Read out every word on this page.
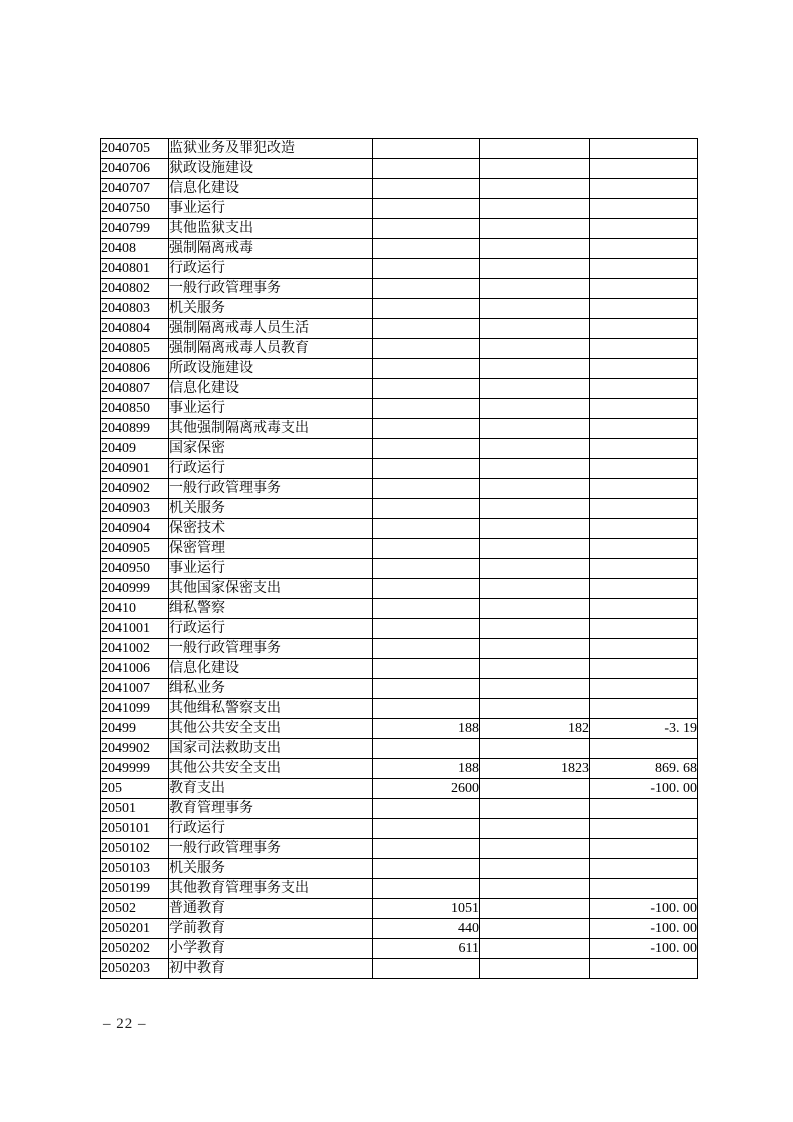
2040705	监狱业务及罪犯改造			
2040706	狱政设施建设			
2040707	信息化建设			
2040750	事业运行			
2040799	其他监狱支出			
20408	强制隔离戒毒			
2040801	行政运行			
2040802	一般行政管理事务			
2040803	机关服务			
2040804	强制隔离戒毒人员生活			
2040805	强制隔离戒毒人员教育			
2040806	所政设施建设			
2040807	信息化建设			
2040850	事业运行			
2040899	其他强制隔离戒毒支出			
20409	国家保密			
2040901	行政运行			
2040902	一般行政管理事务			
2040903	机关服务			
2040904	保密技术			
2040905	保密管理			
2040950	事业运行			
2040999	其他国家保密支出			
20410	缉私警察			
2041001	行政运行			
2041002	一般行政管理事务			
2041006	信息化建设			
2041007	缉私业务			
2041099	其他缉私警察支出			
20499	其他公共安全支出	188	182	-3. 19
2049902	国家司法救助支出			
2049999	其他公共安全支出	188	1823	869. 68
205	教育支出	2600		-100. 00
20501	教育管理事务			
2050101	行政运行			
2050102	一般行政管理事务			
2050103	机关服务			
2050199	其他教育管理事务支出			
20502	普通教育	1051		-100. 00
2050201	学前教育	440		-100. 00
2050202	小学教育	611		-100. 00
2050203	初中教育			
– 22 –
